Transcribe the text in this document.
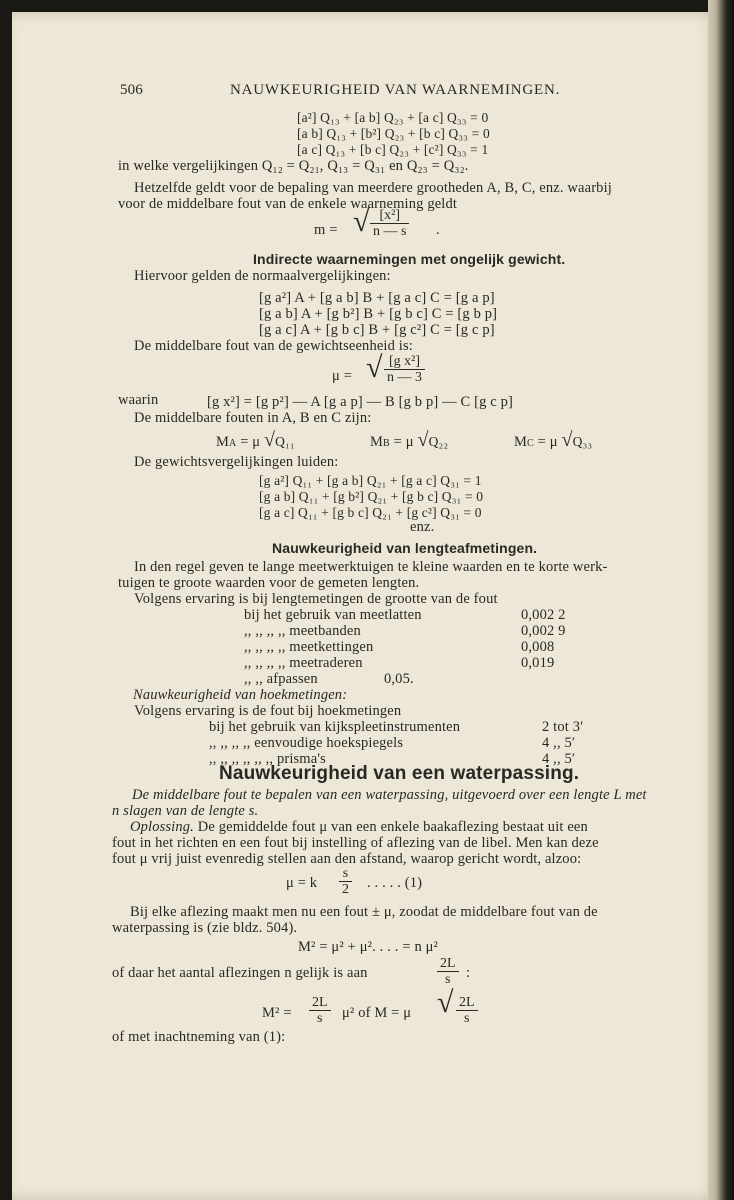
506	NAUWKEURIGHEID VAN WAARNEMINGEN.
[a²] Q₁₃ + [a b] Q₂₃ + [a c] Q₃₃ = 0
[a b] Q₁₃ + [b²] Q₂₃ + [b c] Q₃₃ = 0
[a c] Q₁₃ + [b c] Q₂₃ + [c²] Q₃₃ = 1
in welke vergelijkingen Q₁₂ = Q₂₁, Q₁₃ = Q₃₁ en Q₂₃ = Q₃₂.
Hetzelfde geldt voor de bepaling van meerdere grootheden A, B, C, enz. waarbij
voor de middelbare fout van de enkele waarneming geldt
m = √ $\frac{\text{[x²]}}{n — s}$ .
Indirecte waarnemingen met ongelijk gewicht.
Hiervoor gelden de normaalvergelijkingen:
[g a²] A + [g a b] B + [g a c] C = [g a p]
[g a b] A + [g b²] B + [g b c] C = [g b p]
[g a c] A + [g b c] B + [g c²] C = [g c p]
De middelbare fout van de gewichtseenheid is:
μ = √ $\frac{\text{[g x²]}}{n — 3}$
waarin	[g x²] = [g p²] — A [g a p] — B [g b p] — C [g c p]
De middelbare fouten in A, B en C zijn:
MA = μ √Q₁₁	MB = μ √Q₂₂	MC = μ √Q₃₃
De gewichtsvergelijkingen luiden:
[g a²] Q₁₁ + [g a b] Q₂₁ + [g a c] Q₃₁ = 1
[g a b] Q₁₁ + [g b²] Q₂₁ + [g b c] Q₃₁ = 0
[g a c] Q₁₁ + [g b c] Q₂₁ + [g c²] Q₃₁ = 0
enz.
Nauwkeurigheid van lengteafmetingen.
In den regel geven te lange meetwerktuigen te kleine waarden en te korte werk-
tuigen te groote waarden voor de gemeten lengten.
Volgens ervaring is bij lengtemetingen de grootte van de fout
bij het gebruik van meetlatten	0,002 2
,, ,, ,, ,, meetbanden	0,002 9
,, ,, ,, ,, meetkettingen	0,008
,, ,, ,, ,, meetraderen	0,019
,, ,, afpassen	0,05.
Nauwkeurigheid van hoekmetingen:
Volgens ervaring is de fout bij hoekmetingen
bij het gebruik van kijkspleetinstrumenten	2 tot 3′
,, ,, ,, ,, eenvoudige hoekspiegels	4 ,, 5′
,, ,, ,, ,, ,, ,, prisma's	4 ,, 5′
Nauwkeurigheid van een waterpassing.
De middelbare fout te bepalen van een waterpassing, uitgevoerd over een lengte L met
n slagen van de lengte s.
Oplossing. De gemiddelde fout μ van een enkele baakaflezing bestaat uit een
fout in het richten en een fout bij instelling of aflezing van de libel. Men kan deze
fout μ vrij juist evenredig stellen aan den afstand, waarop gericht wordt, alzoo:
μ = k $\frac{s}{2}$ . . . . . (1)
Bij elke aflezing maakt men nu een fout ± μ, zoodat de middelbare fout van de
waterpassing is (zie bldz. 504).
M² = μ² + μ². . . . = n μ²
of daar het aantal aflezingen n gelijk is aan	$\frac{2L}{s}$ :
$M^2 = \frac{2L}{s} \mu^2$ of M = μ √ $\frac{2L}{s}$
of met inachtneming van (1):
